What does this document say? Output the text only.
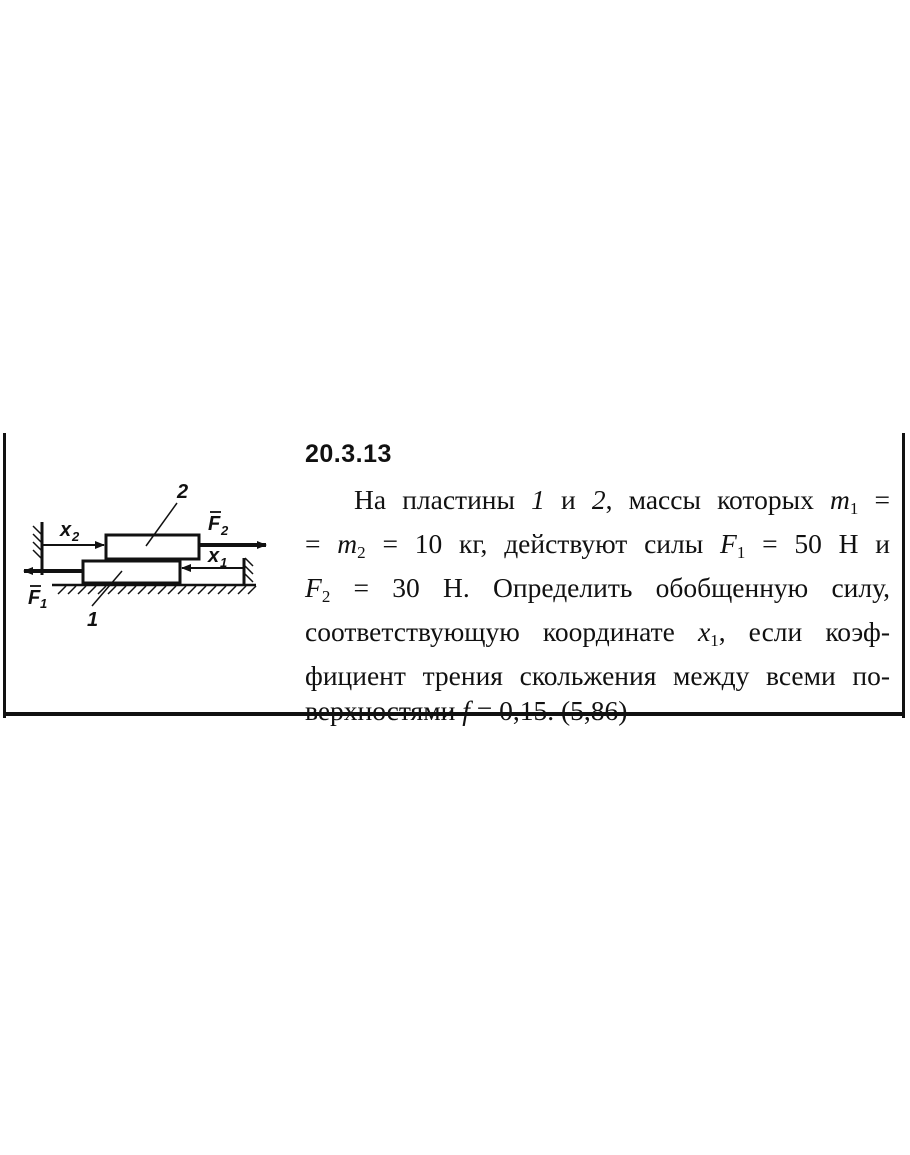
2
1
F 2
F 1
x 2
x 1
20.3.13
На пластины 1 и 2, массы которых $m_1$ =
= $m_2 = 10$ кг, действуют силы $F_1 = 50$ Н и
$F_2 = 30$ Н. Определить обобщенную силу,
соответствующую координате $x_1$, если коэф-
фициент трения скольжения между всеми по-
верхностями f = 0,15. (5,86)
